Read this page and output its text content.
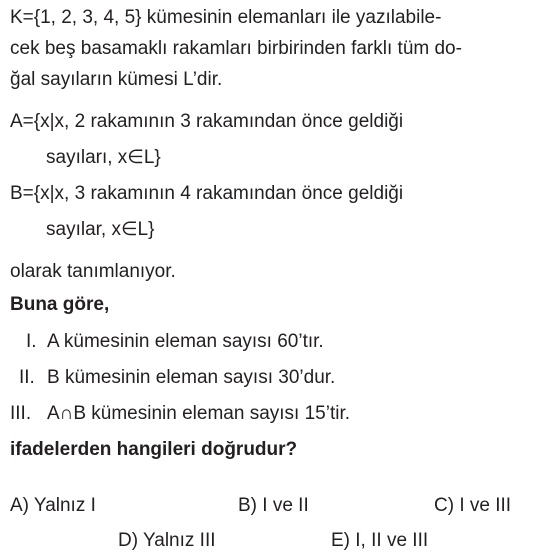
K={1, 2, 3, 4, 5} kümesinin elemanları ile yazılabile-
cek beş basamaklı rakamları birbirinden farklı tüm do-
ğal sayıların kümesi L’dir.
A={x|x, 2 rakamının 3 rakamından önce geldiği
sayıları, x∈L}
B={x|x, 3 rakamının 4 rakamından önce geldiği
sayılar, x∈L}
olarak tanımlanıyor.
Buna göre,
I. A kümesinin eleman sayısı 60’tır.
II. B kümesinin eleman sayısı 30’dur.
III. A∩B kümesinin eleman sayısı 15’tir.
ifadelerden hangileri doğrudur?
A) Yalnız I	B) I ve II	C) I ve III
D) Yalnız III	E) I, II ve III
